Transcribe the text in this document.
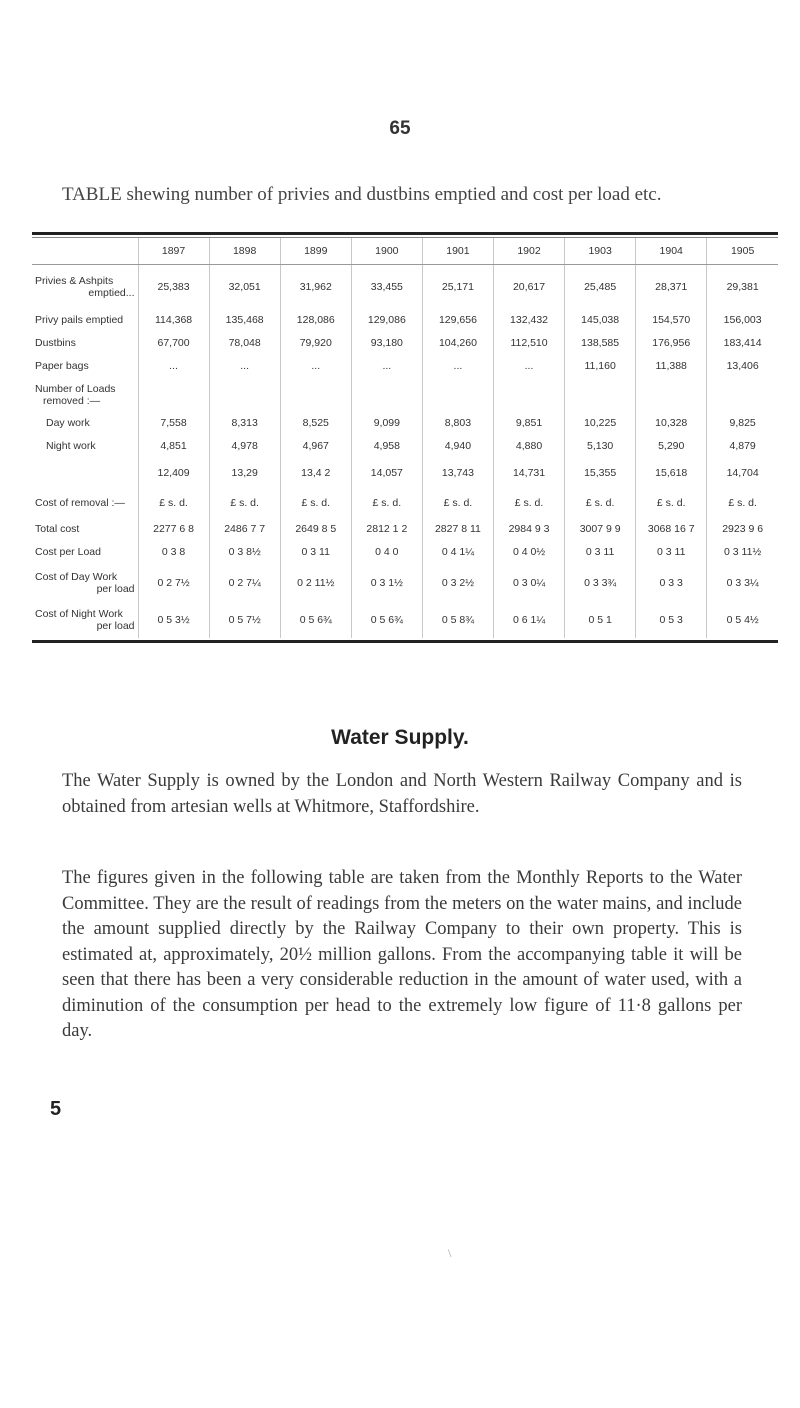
65
TABLE shewing number of privies and dustbins emptied and cost per load etc.
	1897	1898	1899	1900	1901	1902	1903	1904	1905
Privies & Ashpits
emptied...	25,383	32,051	31,962	33,455	25,171	20,617	25,485	28,371	29,381
Privy pails emptied	114,368	135,468	128,086	129,086	129,656	132,432	145,038	154,570	156,003
Dustbins	67,700	78,048	79,920	93,180	104,260	112,510	138,585	176,956	183,414
Paper bags	...	...	...	...	...	...	11,160	11,388	13,406

Number of Loads
removed :—									

Day work	7,558	8,313	8,525	9,099	8,803	9,851	10,225	10,328	9,825
Night work	4,851	4,978	4,967	4,958	4,940	4,880	5,130	5,290	4,879
	12,409	13,29	13,4 2	14,057	13,743	14,731	15,355	15,618	14,704
Cost of removal :—	£ s. d.	£ s. d.	£ s. d.	£ s. d.	£ s. d.	£ s. d.	£ s. d.	£ s. d.	£ s. d.
Total cost	2277 6 8	2486 7 7	2649 8 5	2812 1 2	2827 8 11	2984 9 3	3007 9 9	3068 16 7	2923 9 6
Cost per Load	0 3 8	0 3 8½	0 3 11	0 4 0	0 4 1¼	0 4 0½	0 3 11	0 3 11	0 3 11½

Cost of Day Work
per load	0 2 7½	0 2 7¼	0 2 11½	0 3 1½	0 3 2½	0 3 0¼	0 3 3¾	0 3 3	0 3 3¼

Cost of Night Work
per load	0 5 3½	0 5 7½	0 5 6¾	0 5 6¾	0 5 8¾	0 6 1¼	0 5 1	0 5 3	0 5 4½
Water Supply.

The Water Supply is owned by the London and North Western Railway Company and is obtained from artesian wells at Whitmore, Staffordshire.

The figures given in the following table are taken from the Monthly Reports to the Water Committee. They are the result of readings from the meters on the water mains, and include the amount supplied directly by the Railway Company to their own property. This is estimated at, approximately, 20½ million gallons. From the accompanying table it will be seen that there has been a very considerable reduction in the amount of water used, with a diminution of the consumption per head to the extremely low figure of 11·8 gallons per day.

5
\
